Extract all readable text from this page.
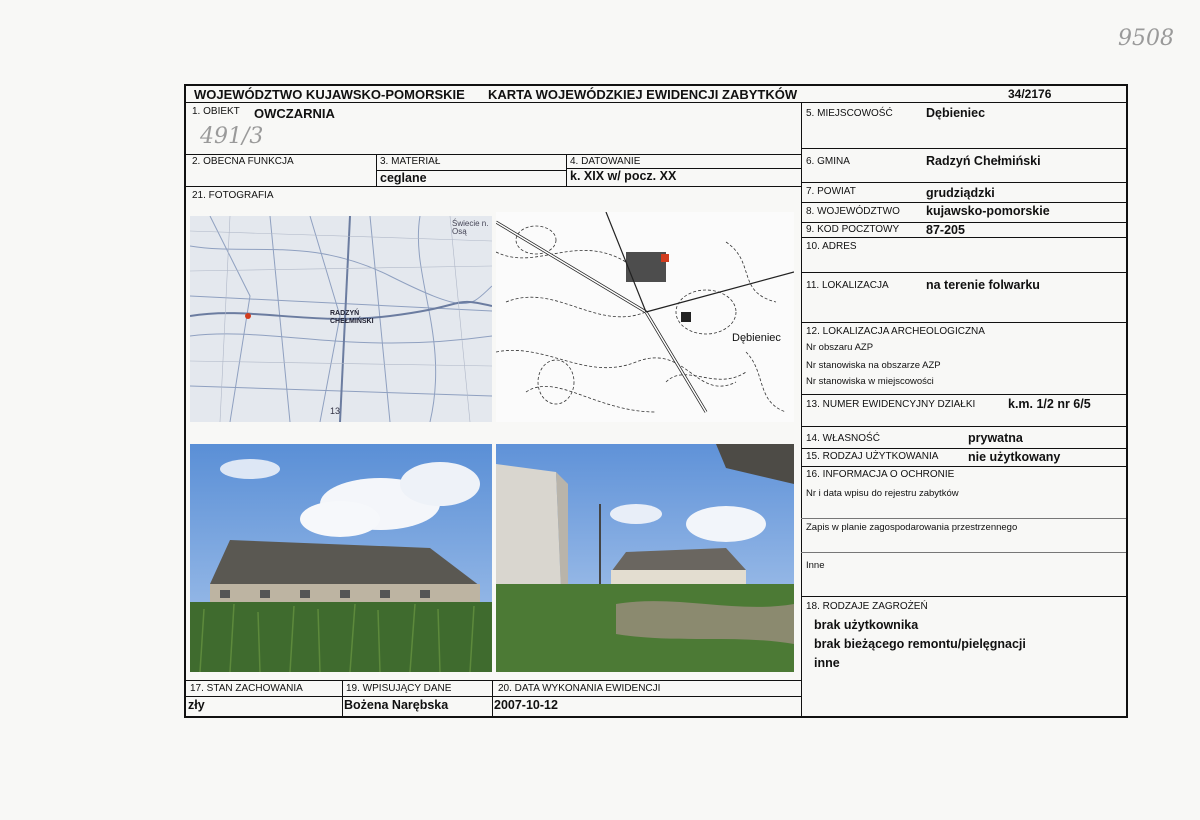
9508
WOJEWÓDZTWO KUJAWSKO-POMORSKIE KARTA WOJEWÓDZKIEJ EWIDENCJI ZABYTKÓW	34/2176
1. OBIEKT OWCZARNIA
491/3
2. OBECNA FUNKCJA	3. MATERIAŁ
ceglane
4. DATOWANIE
k. XIX w/ pocz. XX
21. FOTOGRAFIA
Świecie n. Osą
RADZYŃ CHEŁMIŃSKI
13
Dębieniec
17. STAN ZACHOWANIA
zły
19. WPISUJĄCY DANE
Bożena Narębska
20. DATA WYKONANIA EWIDENCJI
2007-10-12
5. MIEJSCOWOŚĆ	Dębieniec
6. GMINA	Radzyń Chełmiński
7. POWIAT	grudziądzki
8. WOJEWÓDZTWO kujawsko-pomorskie
9. KOD POCZTOWY 87-205
10. ADRES
11. LOKALIZACJA	na terenie folwarku
12. LOKALIZACJA ARCHEOLOGICZNA
Nr obszaru AZP
Nr stanowiska na obszarze AZP
Nr stanowiska w miejscowości
13. NUMER EWIDENCYJNY DZIAŁKI	k.m. 1/2 nr 6/5
14. WŁASNOŚĆ	prywatna
15. RODZAJ UŻYTKOWANIA nie użytkowany
16. INFORMACJA O OCHRONIE
Nr i data wpisu do rejestru zabytków
Zapis w planie zagospodarowania przestrzennego
Inne
18. RODZAJE ZAGROŻEŃ
brak użytkownika
brak bieżącego remontu/pielęgnacji
inne
